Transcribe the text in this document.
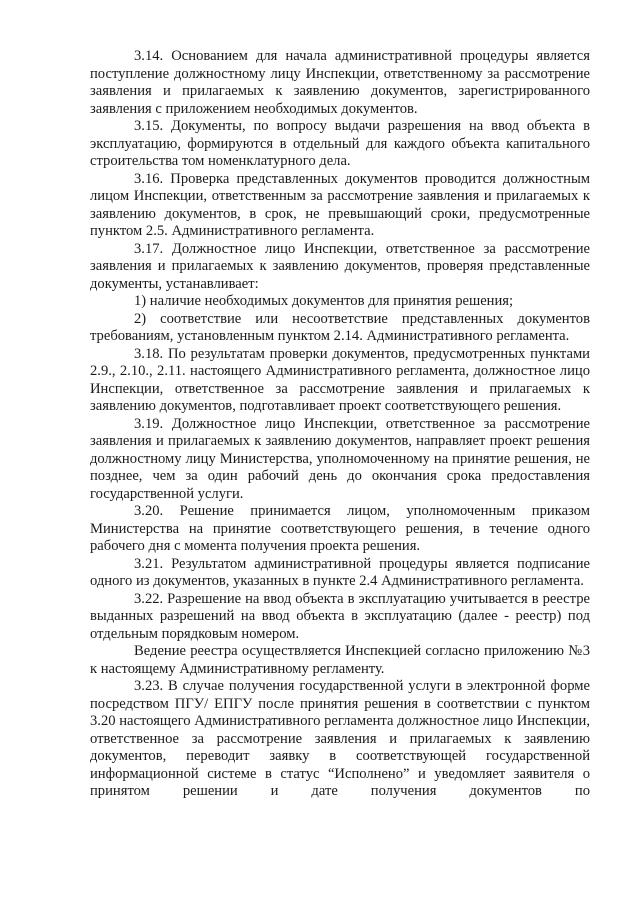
3.14. Основанием для начала административной процедуры является поступление должностному лицу Инспекции, ответственному за рассмотрение заявления и прилагаемых к заявлению документов, зарегистрированного заявления с приложением необходимых документов.

3.15. Документы, по вопросу выдачи разрешения на ввод объекта в эксплуатацию, формируются в отдельный для каждого объекта капитального строительства том номенклатурного дела.

3.16. Проверка представленных документов проводится должностным лицом Инспекции, ответственным за рассмотрение заявления и прилагаемых к заявлению документов, в срок, не превышающий сроки, предусмотренные пунктом 2.5. Административного регламента.

3.17. Должностное лицо Инспекции, ответственное за рассмотрение заявления и прилагаемых к заявлению документов, проверяя представленные документы, устанавливает:

1) наличие необходимых документов для принятия решения;

2) соответствие или несоответствие представленных документов требованиям, установленным пунктом 2.14. Административного регламента.

3.18. По результатам проверки документов, предусмотренных пунктами 2.9., 2.10., 2.11. настоящего Административного регламента, должностное лицо Инспекции, ответственное за рассмотрение заявления и прилагаемых к заявлению документов, подготавливает проект соответствующего решения.

3.19. Должностное лицо Инспекции, ответственное за рассмотрение заявления и прилагаемых к заявлению документов, направляет проект решения должностному лицу Министерства, уполномоченному на принятие решения, не позднее, чем за один рабочий день до окончания срока предоставления государственной услуги.

3.20. Решение принимается лицом, уполномоченным приказом Министерства на принятие соответствующего решения, в течение одного рабочего дня с момента получения проекта решения.

3.21. Результатом административной процедуры является подписание одного из документов, указанных в пункте 2.4 Административного регламента.

3.22. Разрешение на ввод объекта в эксплуатацию учитывается в реестре выданных разрешений на ввод объекта в эксплуатацию (далее - реестр) под отдельным порядковым номером.

Ведение реестра осуществляется Инспекцией согласно приложению №3 к настоящему Административному регламенту.

3.23. В случае получения государственной услуги в электронной форме посредством ПГУ/ ЕПГУ после принятия решения в соответствии с пунктом 3.20 настоящего Административного регламента должностное лицо Инспекции, ответственное за рассмотрение заявления и прилагаемых к заявлению документов, переводит заявку в соответствующей государственной информационной системе в статус “Исполнено” и уведомляет заявителя о принятом решении и дате получения документов по
